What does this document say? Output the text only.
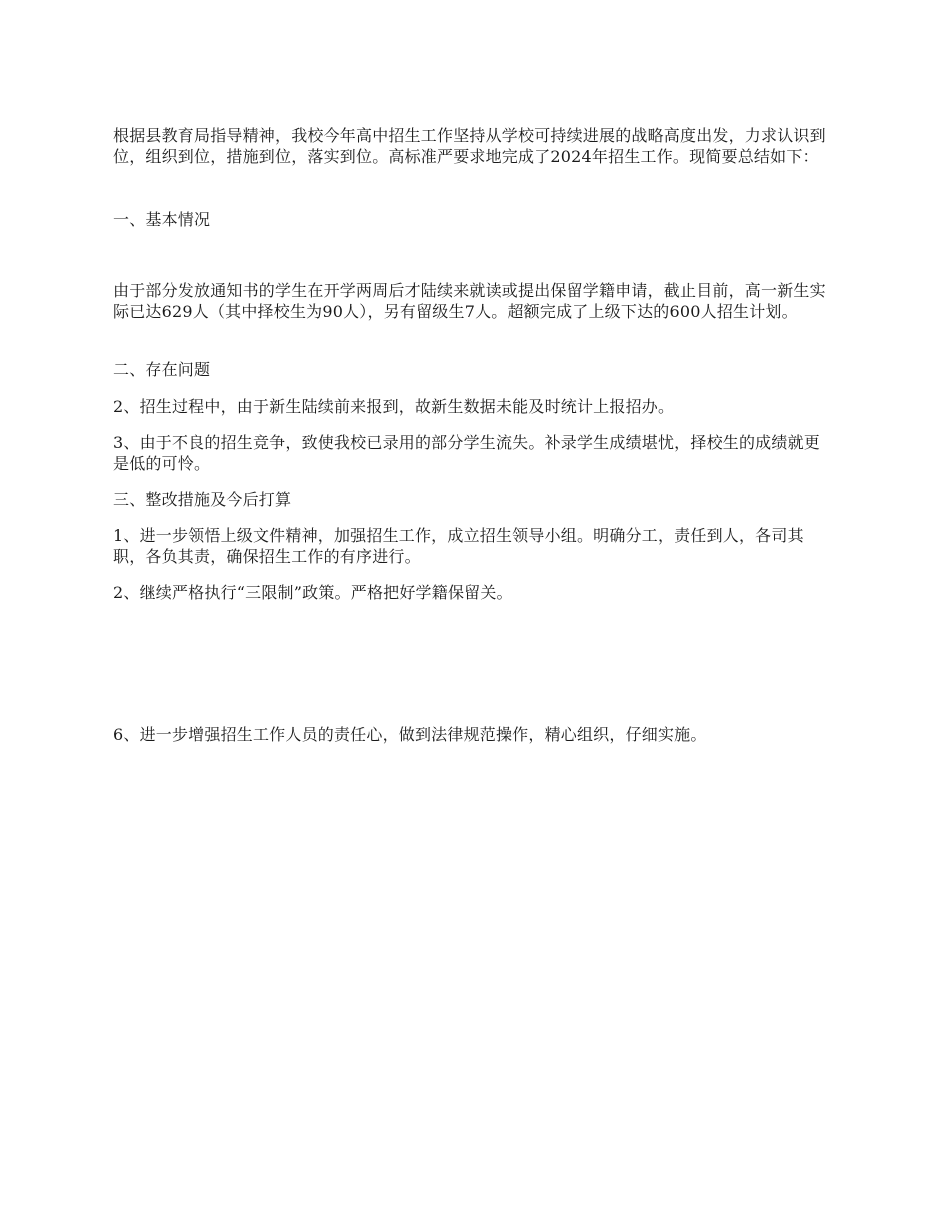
根据县教育局指导精神，我校今年高中招生工作坚持从学校可持续进展的战略高度出发，力求认识到位，组织到位，措施到位，落实到位。高标准严要求地完成了2024年招生工作。现简要总结如下：

一、基本情况

由于部分发放通知书的学生在开学两周后才陆续来就读或提出保留学籍申请，截止目前，高一新生实际已达629人（其中择校生为90人），另有留级生7人。超额完成了上级下达的600人招生计划。

二、存在问题

2、招生过程中，由于新生陆续前来报到，故新生数据未能及时统计上报招办。

3、由于不良的招生竞争，致使我校已录用的部分学生流失。补录学生成绩堪忧，择校生的成绩就更是低的可怜。

三、整改措施及今后打算

1、进一步领悟上级文件精神，加强招生工作，成立招生领导小组。明确分工，责任到人，各司其职，各负其责，确保招生工作的有序进行。

2、继续严格执行“三限制”政策。严格把好学籍保留关。

6、进一步增强招生工作人员的责任心，做到法律规范操作，精心组织，仔细实施。
